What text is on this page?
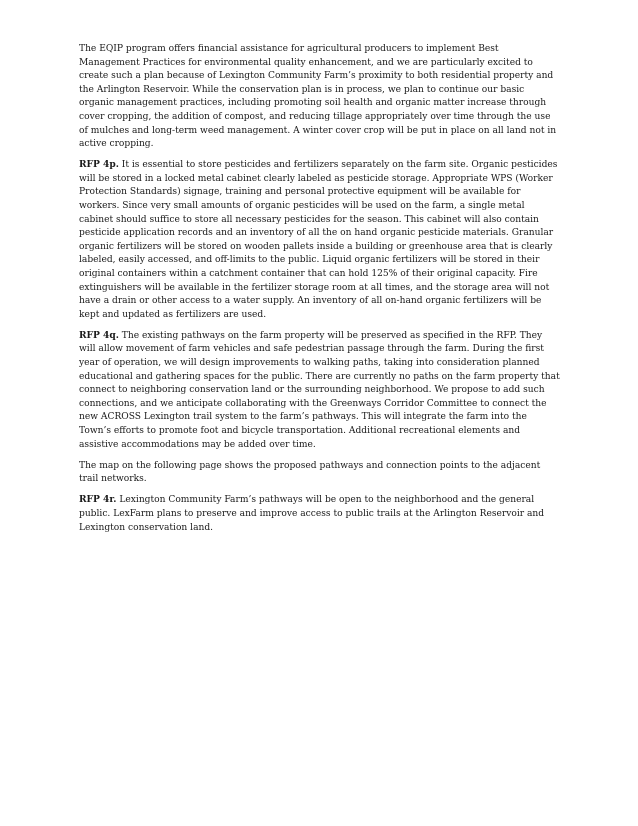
The EQIP program offers financial assistance for agricultural producers to implement Best Management Practices for environmental quality enhancement, and we are particularly excited to create such a plan because of Lexington Community Farm’s proximity to both residential property and the Arlington Reservoir. While the conservation plan is in process, we plan to continue our basic organic management practices, including promoting soil health and organic matter increase through cover cropping, the addition of compost, and reducing tillage appropriately over time through the use of mulches and long-term weed management. A winter cover crop will be put in place on all land not in active cropping.

RFP 4p. It is essential to store pesticides and fertilizers separately on the farm site. Organic pesticides will be stored in a locked metal cabinet clearly labeled as pesticide storage. Appropriate WPS (Worker Protection Standards) signage, training and personal protective equipment will be available for workers. Since very small amounts of organic pesticides will be used on the farm, a single metal cabinet should suffice to store all necessary pesticides for the season. This cabinet will also contain pesticide application records and an inventory of all the on hand organic pesticide materials. Granular organic fertilizers will be stored on wooden pallets inside a building or greenhouse area that is clearly labeled, easily accessed, and off-limits to the public. Liquid organic fertilizers will be stored in their original containers within a catchment container that can hold 125% of their original capacity. Fire extinguishers will be available in the fertilizer storage room at all times, and the storage area will not have a drain or other access to a water supply. An inventory of all on-hand organic fertilizers will be kept and updated as fertilizers are used.

RFP 4q. The existing pathways on the farm property will be preserved as specified in the RFP. They will allow movement of farm vehicles and safe pedestrian passage through the farm. During the first year of operation, we will design improvements to walking paths, taking into consideration planned educational and gathering spaces for the public. There are currently no paths on the farm property that connect to neighboring conservation land or the surrounding neighborhood. We propose to add such connections, and we anticipate collaborating with the Greenways Corridor Committee to connect the new ACROSS Lexington trail system to the farm’s pathways. This will integrate the farm into the Town’s efforts to promote foot and bicycle transportation. Additional recreational elements and assistive accommodations may be added over time.

The map on the following page shows the proposed pathways and connection points to the adjacent trail networks.

RFP 4r. Lexington Community Farm’s pathways will be open to the neighborhood and the general public. LexFarm plans to preserve and improve access to public trails at the Arlington Reservoir and Lexington conservation land.
